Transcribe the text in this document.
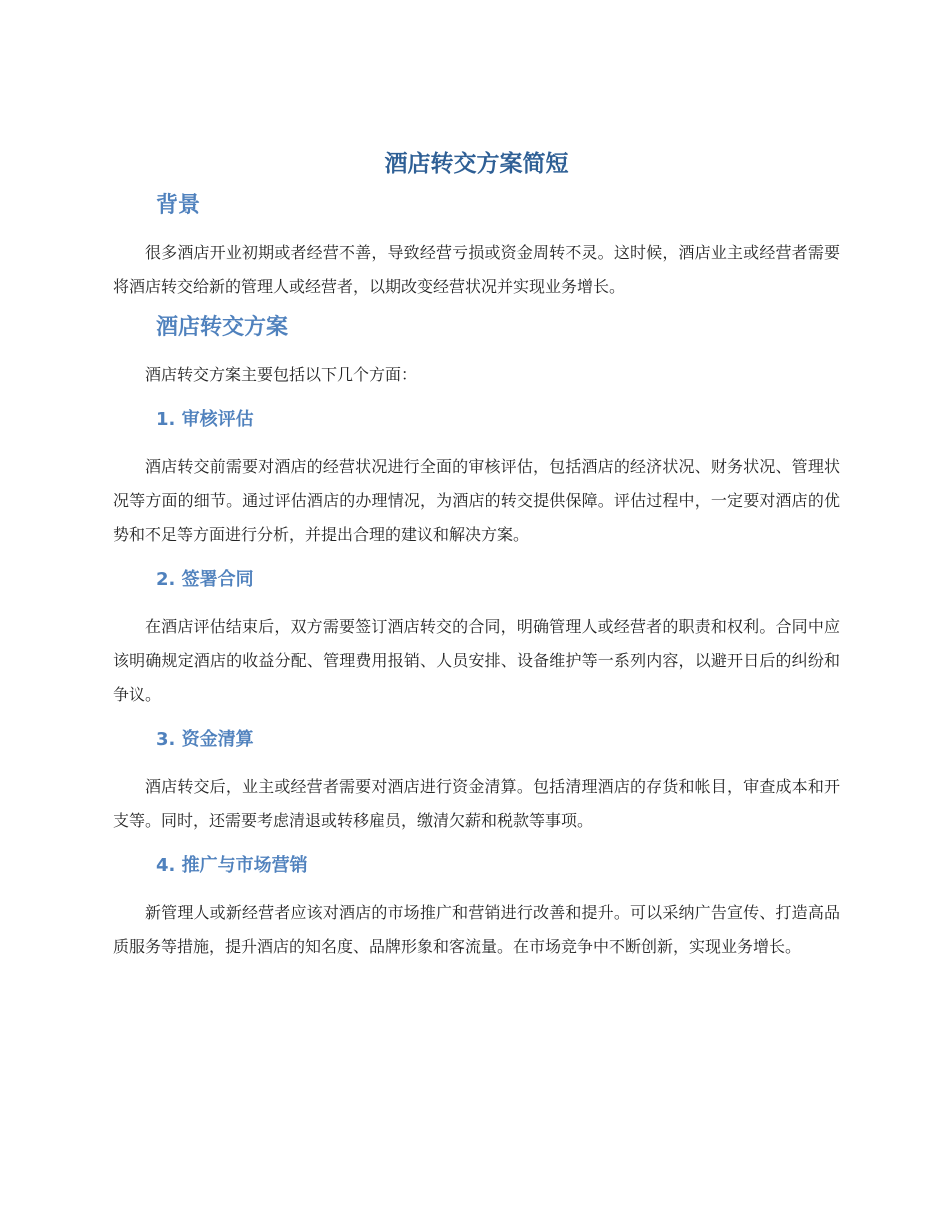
酒店转交方案简短
背景

很多酒店开业初期或者经营不善，导致经营亏损或资金周转不灵。这时候，酒店业主或经营者需要将酒店转交给新的管理人或经营者，以期改变经营状况并实现业务增长。

酒店转交方案

酒店转交方案主要包括以下几个方面：

1. 审核评估

酒店转交前需要对酒店的经营状况进行全面的审核评估，包括酒店的经济状况、财务状况、管理状况等方面的细节。通过评估酒店的办理情况，为酒店的转交提供保障。评估过程中，一定要对酒店的优势和不足等方面进行分析，并提出合理的建议和解决方案。

2. 签署合同

在酒店评估结束后，双方需要签订酒店转交的合同，明确管理人或经营者的职责和权利。合同中应该明确规定酒店的收益分配、管理费用报销、人员安排、设备维护等一系列内容，以避开日后的纠纷和争议。

3. 资金清算

酒店转交后，业主或经营者需要对酒店进行资金清算。包括清理酒店的存货和帐目，审查成本和开支等。同时，还需要考虑清退或转移雇员，缴清欠薪和税款等事项。

4. 推广与市场营销

新管理人或新经营者应该对酒店的市场推广和营销进行改善和提升。可以采纳广告宣传、打造高品质服务等措施，提升酒店的知名度、品牌形象和客流量。在市场竞争中不断创新，实现业务增长。
